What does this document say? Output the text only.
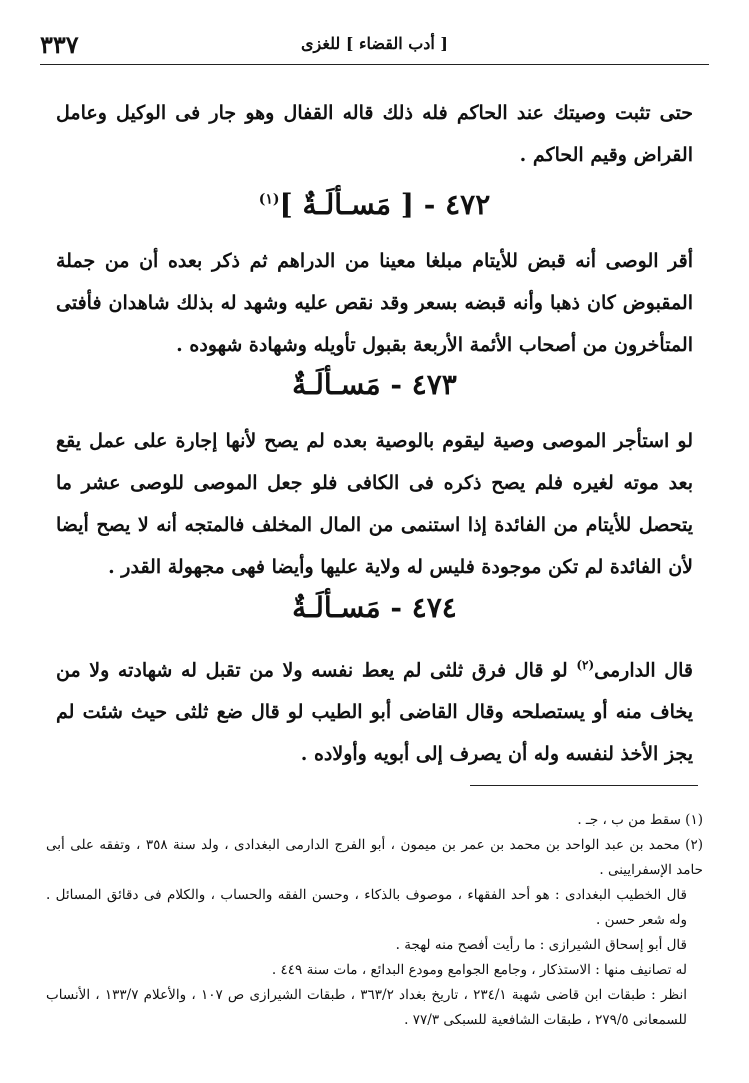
٣٣٧	[ أدب القضاء ] للغزى
حتى تثبت وصيتك عند الحاكم فله ذلك قاله القفال وهو جار فى الوكيل وعامل القراض وقيم الحاكم .
٤٧٢ - [ مَسـألَـةٌ ]$^{(١)}$
أقر الوصى أنه قبض للأيتام مبلغا معينا من الدراهم ثم ذكر بعده أن من جملة المقبوض كان ذهبا وأنه قبضه بسعر وقد نقص عليه وشهد له بذلك شاهدان فأفتى المتأخرون من أصحاب الأئمة الأربعة بقبول تأويله وشهادة شهوده .
٤٧٣ - مَسـألَـةٌ
لو استأجر الموصى وصية ليقوم بالوصية بعده لم يصح لأنها إجارة على عمل يقع بعد موته لغيره فلم يصح ذكره فى الكافى فلو جعل الموصى للوصى عشر ما يتحصل للأيتام من الفائدة إذا استنمى من المال المخلف فالمتجه أنه لا يصح أيضا لأن الفائدة لم تكن موجودة فليس له ولاية عليها وأيضا فهى مجهولة القدر .
٤٧٤ - مَسـألَـةٌ
قال الدارمى$^{(٢)}$ لو قال فرق ثلثى لم يعط نفسه ولا من تقبل له شهادته ولا من يخاف منه أو يستصلحه وقال القاضى أبو الطيب لو قال ضع ثلثى حيث شئت لم يجز الأخذ لنفسه وله أن يصرف إلى أبويه وأولاده .

(١) سقط من ب ، جـ .

(٢) محمد بن عبد الواحد بن محمد بن عمر بن ميمون ، أبو الفرج الدارمى البغدادى ، ولد سنة ٣٥٨ ، وتفقه على أبى حامد الإسفرايينى .

قال الخطيب البغدادى : هو أحد الفقهاء ، موصوف بالذكاء ، وحسن الفقه والحساب ، والكلام فى دقائق المسائل . وله شعر حسن .

قال أبو إسحاق الشيرازى : ما رأيت أفصح منه لهجة .

له تصانيف منها : الاستذكار ، وجامع الجوامع ومودع البدائع ، مات سنة ٤٤٩ .

انظر : طبقات ابن قاضى شهبة ٢٣٤/١ ، تاريخ بغداد ٣٦٣/٢ ، طبقات الشيرازى ص ١٠٧ ، والأعلام ١٣٣/٧ ، الأنساب للسمعانى ٢٧٩/٥ ، طبقات الشافعية للسبكى ٧٧/٣ .
